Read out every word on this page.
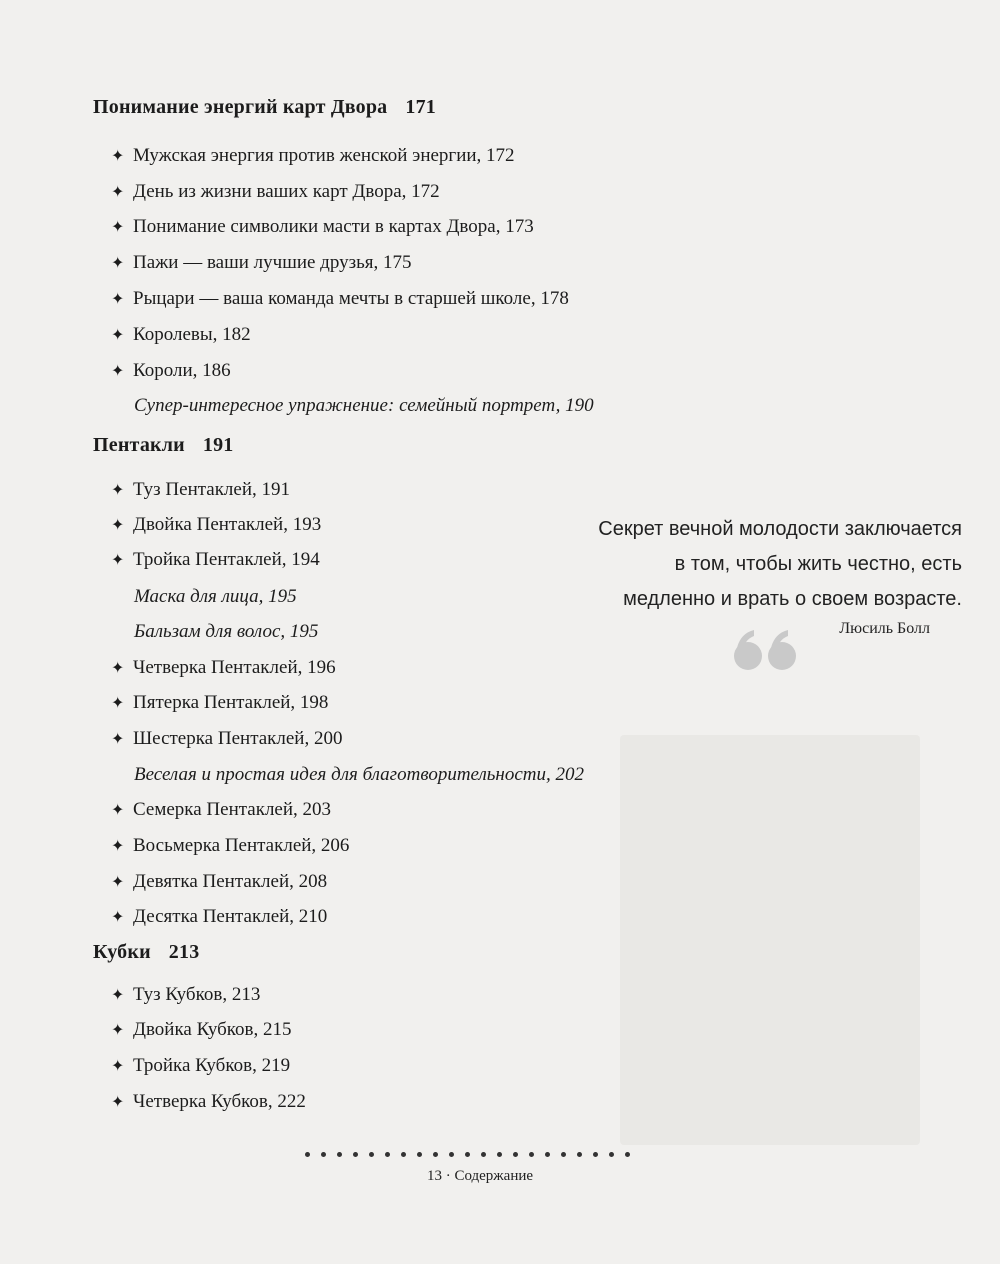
Понимание энергий карт Двора 171
✦ Мужская энергия против женской энергии, 172
✦ День из жизни ваших карт Двора, 172
✦ Понимание символики масти в картах Двора, 173
✦ Пажи — ваши лучшие друзья, 175
✦ Рыцари — ваша команда мечты в старшей школе, 178
✦ Королевы, 182
✦ Короли, 186
Супер-интересное упражнение: семейный портрет, 190
Пентакли 191
✦ Туз Пентаклей, 191
✦ Двойка Пентаклей, 193
✦ Тройка Пентаклей, 194
Маска для лица, 195
Бальзам для волос, 195
✦ Четверка Пентаклей, 196
✦ Пятерка Пентаклей, 198
✦ Шестерка Пентаклей, 200
Веселая и простая идея для благотворительности, 202
✦ Семерка Пентаклей, 203
✦ Восьмерка Пентаклей, 206
✦ Девятка Пентаклей, 208
✦ Десятка Пентаклей, 210
Кубки 213
✦ Туз Кубков, 213
✦ Двойка Кубков, 215
✦ Тройка Кубков, 219
✦ Четверка Кубков, 222
Секрет вечной молодости заключается
в том, чтобы жить честно, есть
медленно и врать о своем возрасте.
Люсиль Болл
13 · Содержание
